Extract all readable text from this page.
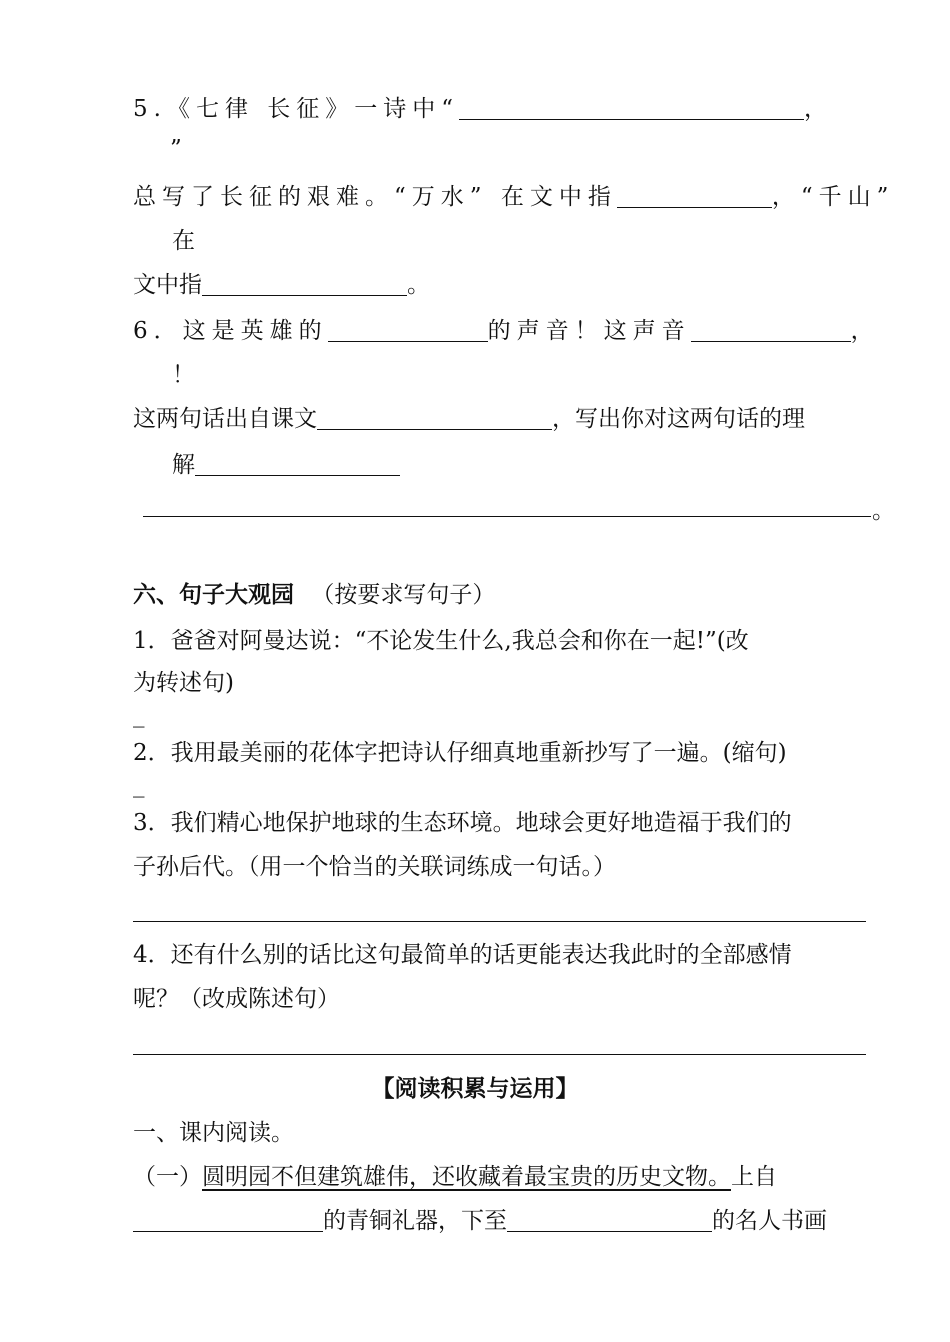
5.《七律 长征》一诗中“	，
”
总写了长征的艰难。“万水” 在文中指	，“千山”
在
文中指	。
6．这是英雄的	的声音！这声音	，
！
这两句话出自课文	，写出你对这两句话的理
解
。
六、句子大观园 （按要求写句子）
1．爸爸对阿曼达说：“不论发生什么,我总会和你在一起!”(改
为转述句)
_
2．我用最美丽的花体字把诗认仔细真地重新抄写了一遍。(缩句)
_
3．我们精心地保护地球的生态环境。地球会更好地造福于我们的
子孙后代。（用一个恰当的关联词练成一句话。）
4．还有什么别的话比这句最简单的话更能表达我此时的全部感情
呢？（改成陈述句）
【阅读积累与运用】
一、课内阅读。
（一）圆明园不但建筑雄伟，还收藏着最宝贵的历史文物。上自
的青铜礼器，下至	的名人书画
